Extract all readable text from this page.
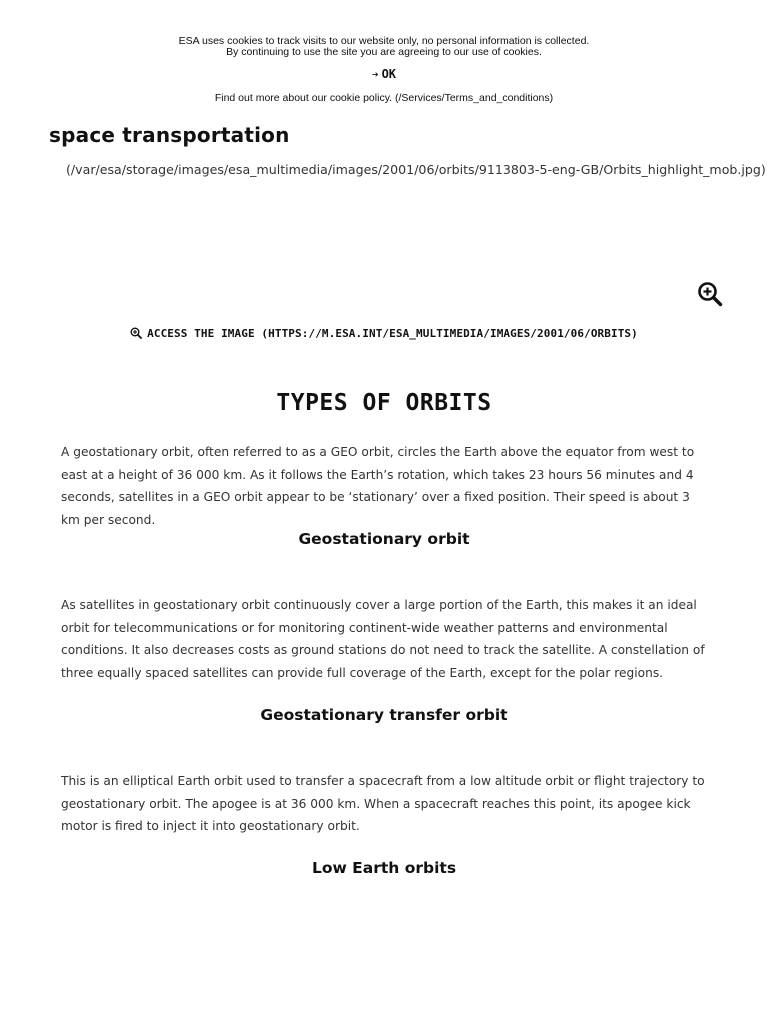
ESA uses cookies to track visits to our website only, no personal information is collected.
By continuing to use the site you are agreeing to our use of cookies.
➔ OK
Find out more about our cookie policy. (/Services/Terms_and_conditions)
space transportation
(/var/esa/storage/images/esa_multimedia/images/2001/06/orbits/9113803-5-eng-GB/Orbits_highlight_mob.jpg)
ACCESS THE IMAGE (HTTPS://M.ESA.INT/ESA_MULTIMEDIA/IMAGES/2001/06/ORBITS)
TYPES OF ORBITS
A geostationary orbit, often referred to as a GEO orbit, circles the Earth above the equator from west to east at a height of 36 000 km. As it follows the Earth’s rotation, which takes 23 hours 56 minutes and 4 seconds, satellites in a GEO orbit appear to be ‘stationary’ over a fixed position. Their speed is about 3 km per second.
Geostationary orbit
As satellites in geostationary orbit continuously cover a large portion of the Earth, this makes it an ideal orbit for telecommunications or for monitoring continent-wide weather patterns and environmental conditions. It also decreases costs as ground stations do not need to track the satellite. A constellation of three equally spaced satellites can provide full coverage of the Earth, except for the polar regions.
Geostationary transfer orbit
This is an elliptical Earth orbit used to transfer a spacecraft from a low altitude orbit or flight trajectory to geostationary orbit. The apogee is at 36 000 km. When a spacecraft reaches this point, its apogee kick motor is fired to inject it into geostationary orbit.
Low Earth orbits
